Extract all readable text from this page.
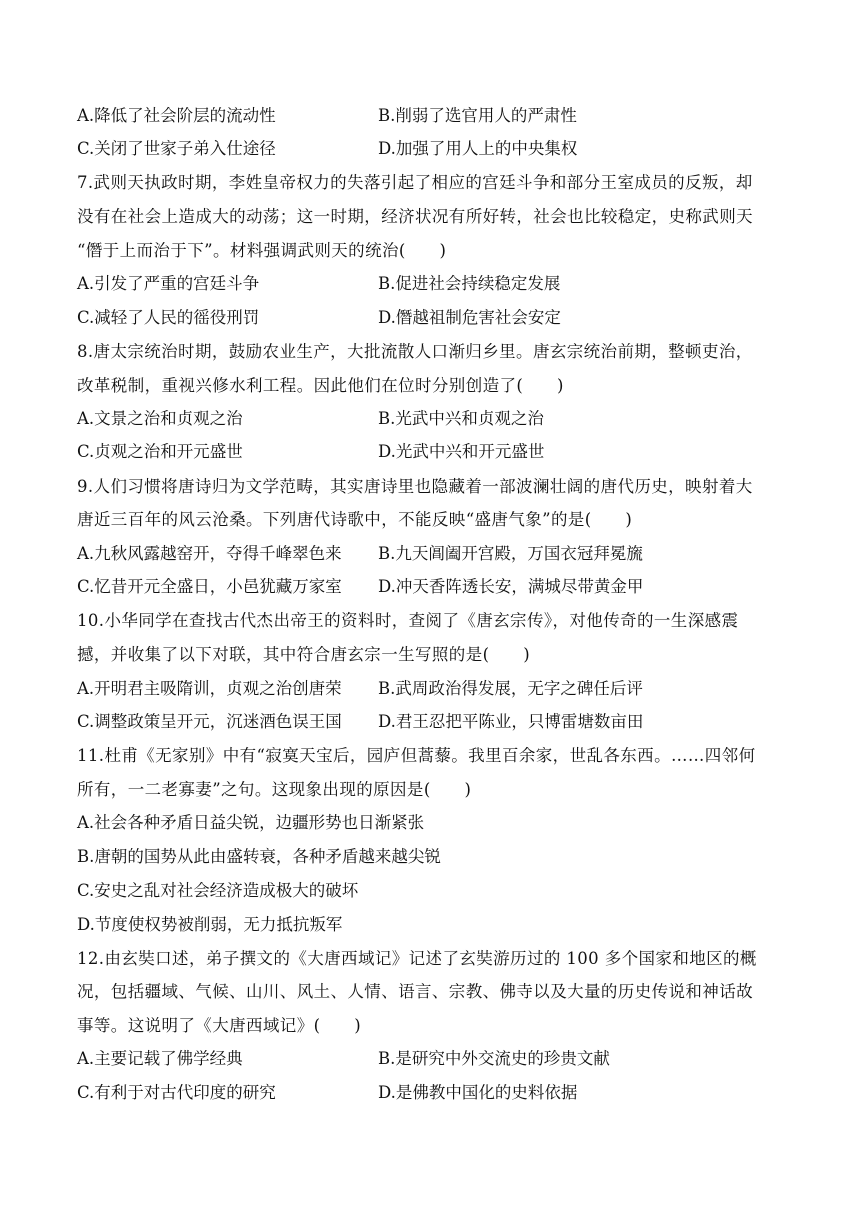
A.降低了社会阶层的流动性	B.削弱了选官用人的严肃性
C.关闭了世家子弟入仕途径	D.加强了用人上的中央集权
7.武则天执政时期，李姓皇帝权力的失落引起了相应的宫廷斗争和部分王室成员的反叛，却
没有在社会上造成大的动荡；这一时期，经济状况有所好转，社会也比较稳定，史称武则天
“僭于上而治于下”。材料强调武则天的统治(　　)
A.引发了严重的宫廷斗争	B.促进社会持续稳定发展
C.减轻了人民的徭役刑罚	D.僭越祖制危害社会安定
8.唐太宗统治时期，鼓励农业生产，大批流散人口渐归乡里。唐玄宗统治前期，整顿吏治，
改革税制，重视兴修水利工程。因此他们在位时分别创造了(　　)
A.文景之治和贞观之治	B.光武中兴和贞观之治
C.贞观之治和开元盛世	D.光武中兴和开元盛世
9.人们习惯将唐诗归为文学范畴，其实唐诗里也隐藏着一部波澜壮阔的唐代历史，映射着大
唐近三百年的风云沧桑。下列唐代诗歌中，不能反映“盛唐气象”的是(　　)
A.九秋风露越窑开，夺得千峰翠色来 B.九天阊阖开宫殿，万国衣冠拜冕旒
C.忆昔开元全盛日，小邑犹藏万家室 D.冲天香阵透长安，满城尽带黄金甲
10.小华同学在查找古代杰出帝王的资料时，查阅了《唐玄宗传》，对他传奇的一生深感震
撼，并收集了以下对联，其中符合唐玄宗一生写照的是(　　)
A.开明君主吸隋训，贞观之治创唐荣 B.武周政治得发展，无字之碑任后评
C.调整政策呈开元，沉迷酒色误王国 D.君王忍把平陈业，只博雷塘数亩田
11.杜甫《无家别》中有“寂寞天宝后，园庐但蒿藜。我里百余家，世乱各东西。……四邻何
所有，一二老寡妻”之句。这现象出现的原因是(　　)
A.社会各种矛盾日益尖锐，边疆形势也日渐紧张
B.唐朝的国势从此由盛转衰，各种矛盾越来越尖锐
C.安史之乱对社会经济造成极大的破坏
D.节度使权势被削弱，无力抵抗叛军
12.由玄奘口述，弟子撰文的《大唐西域记》记述了玄奘游历过的 100 多个国家和地区的概
况，包括疆域、气候、山川、风土、人情、语言、宗教、佛寺以及大量的历史传说和神话故
事等。这说明了《大唐西域记》(　　)
A.主要记载了佛学经典	B.是研究中外交流史的珍贵文献
C.有利于对古代印度的研究	D.是佛教中国化的史料依据
